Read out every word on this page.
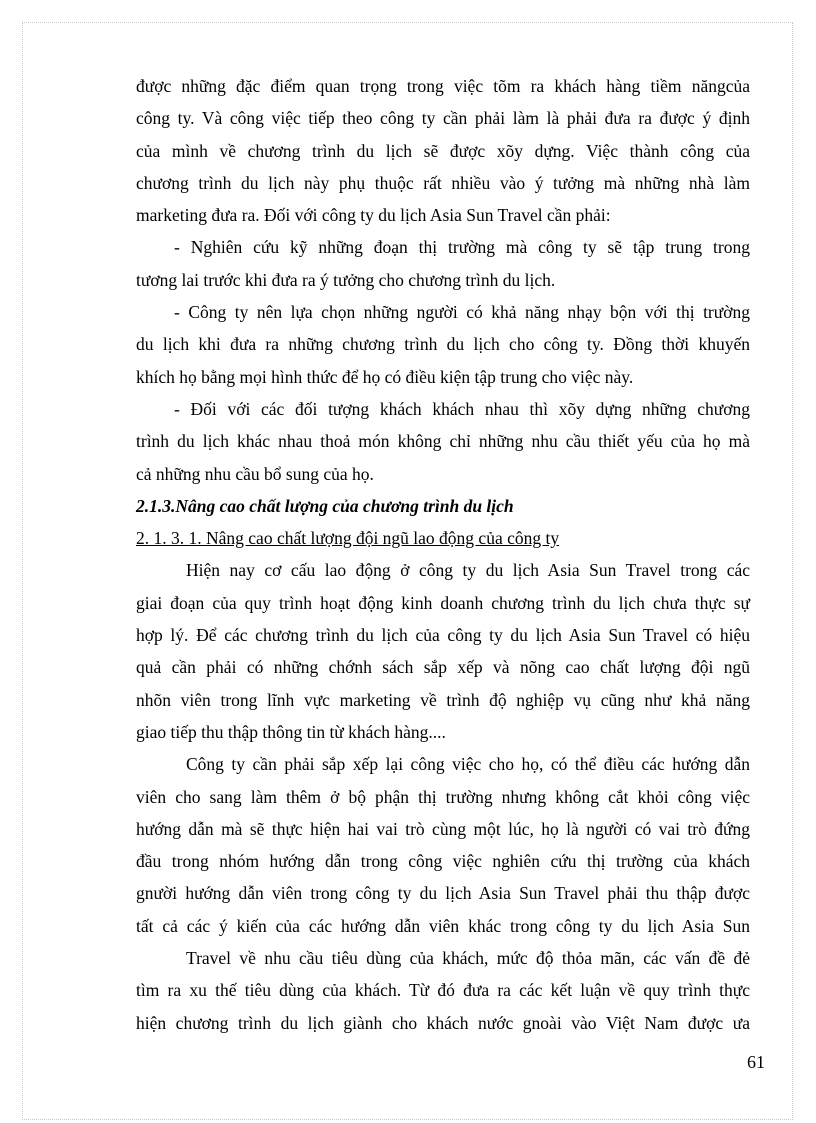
được những đặc điểm quan trọng trong việc tõm ra khách hàng tiềm năngcủa
công ty. Và công việc tiếp theo công ty cần phải làm là phải đưa ra được ý định
của mình về chương trình du lịch sẽ được xõy dựng. Việc thành công của
chương trình du lịch này phụ thuộc rất nhiều vào ý tưởng mà những nhà làm
marketing đưa ra. Đối với công ty du lịch Asia Sun Travel cần phải:
- Nghiên cứu kỹ những đoạn thị trường mà công ty sẽ tập trung trong
tương lai trước khi đưa ra ý tưởng cho chương trình du lịch.
- Công ty nên lựa chọn những người có khả năng nhạy bộn với thị trường
du lịch khi đưa ra những chương trình du lịch cho công ty. Đồng thời khuyến
khích họ bằng mọi hình thức để họ có điều kiện tập trung cho việc này.
- Đối với các đối tượng khách khách nhau thì xõy dựng những chương
trình du lịch khác nhau thoả món không chỉ những nhu cầu thiết yếu của họ mà
cả những nhu cầu bổ sung của họ.
2.1.3.Nâng cao chất lượng của chương trình du lịch
2. 1. 3. 1. Nâng cao chất lượng đội ngũ lao động của công ty
Hiện nay cơ cấu lao động ở công ty du lịch Asia Sun Travel trong các
giai đoạn của quy trình hoạt động kinh doanh chương trình du lịch chưa thực sự
hợp lý. Để các chương trình du lịch của công ty du lịch Asia Sun Travel có hiệu
quả cần phải có những chớnh sách sắp xếp và nõng cao chất lượng đội ngũ
nhõn viên trong lĩnh vực marketing về trình độ nghiệp vụ cũng như khả năng
giao tiếp thu thập thông tin từ khách hàng....
Công ty cần phải sắp xếp lại công việc cho họ, có thể điều các hướng dẫn
viên cho sang làm thêm ở bộ phận thị trường nhưng không cắt khỏi công việc
hướng dẫn mà sẽ thực hiện hai vai trò cùng một lúc, họ là người có vai trò đứng
đầu trong nhóm hướng dẫn trong công việc nghiên cứu thị trường của khách
gnười hướng dẫn viên trong công ty du lịch Asia Sun Travel phải thu thập được
tất cả các ý kiến của các hướng dẫn viên khác trong công ty du lịch Asia Sun
Travel về nhu cầu tiêu dùng của khách, mức độ thỏa mãn, các vấn đề đẻ
tìm ra xu thế tiêu dùng của khách. Từ đó đưa ra các kết luận về quy trình thực
hiện chương trình du lịch giành cho khách nước gnoài vào Việt Nam được ưa
61
